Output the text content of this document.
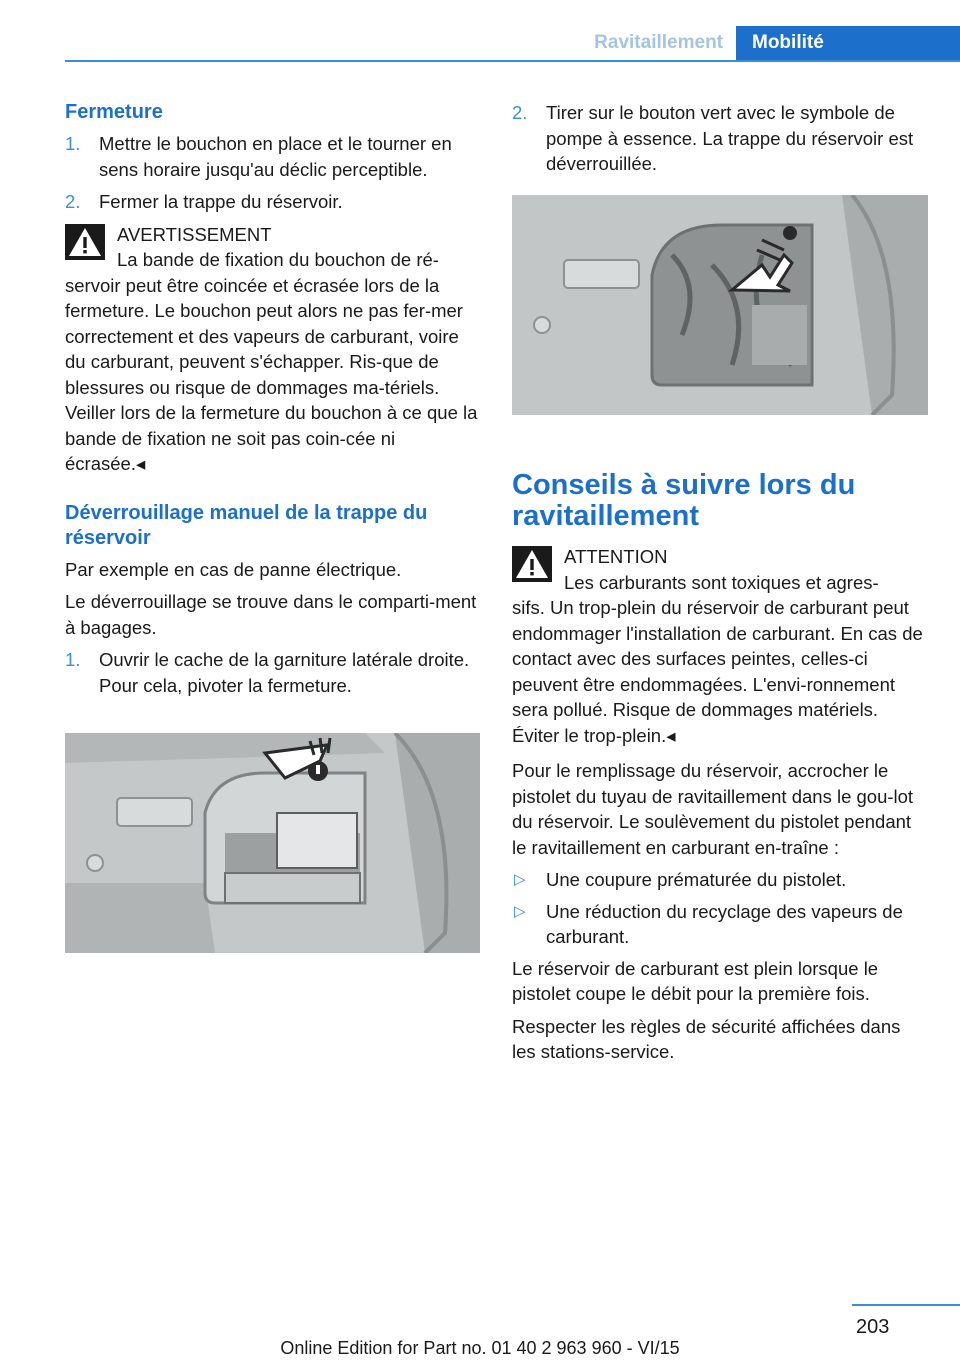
Ravitaillement	Mobilité
Fermeture
1. Mettre le bouchon en place et le tourner en sens horaire jusqu'au déclic perceptible.
2. Fermer la trappe du réservoir.
AVERTISSEMENT
La bande de fixation du bouchon de ré-
servoir peut être coincée et écrasée lors de la fermeture. Le bouchon peut alors ne pas fer-mer correctement et des vapeurs de carburant, voire du carburant, peuvent s'échapper. Ris-que de blessures ou risque de dommages ma-tériels. Veiller lors de la fermeture du bouchon à ce que la bande de fixation ne soit pas coin-cée ni écrasée.◂
Déverrouillage manuel de la trappe du réservoir
Par exemple en cas de panne électrique.
Le déverrouillage se trouve dans le comparti-ment à bagages.
1. Ouvrir le cache de la garniture latérale droite. Pour cela, pivoter la fermeture.
2. Tirer sur le bouton vert avec le symbole de pompe à essence. La trappe du réservoir est déverrouillée.
Conseils à suivre lors du ravitaillement
ATTENTION
Les carburants sont toxiques et agres-
sifs. Un trop-plein du réservoir de carburant peut endommager l'installation de carburant. En cas de contact avec des surfaces peintes, celles-ci peuvent être endommagées. L'envi-ronnement sera pollué. Risque de dommages matériels. Éviter le trop-plein.◂
Pour le remplissage du réservoir, accrocher le pistolet du tuyau de ravitaillement dans le gou-lot du réservoir. Le soulèvement du pistolet pendant le ravitaillement en carburant en-traîne :
▷ Une coupure prématurée du pistolet.
▷ Une réduction du recyclage des vapeurs de carburant.
Le réservoir de carburant est plein lorsque le pistolet coupe le débit pour la première fois.
Respecter les règles de sécurité affichées dans les stations-service.
203
Online Edition for Part no. 01 40 2 963 960 - VI/15
